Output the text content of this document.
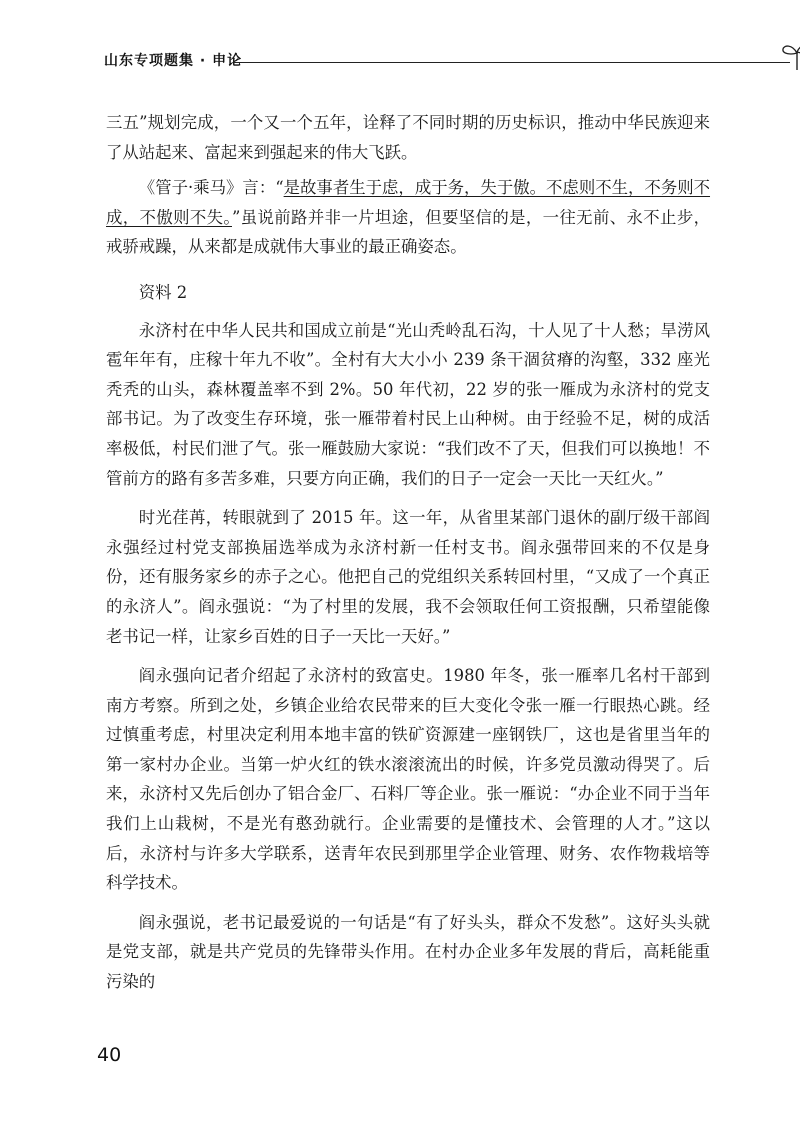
山东专项题集 · 申论

三五”规划完成，一个又一个五年，诠释了不同时期的历史标识，推动中华民族迎来了从站起来、富起来到强起来的伟大飞跃。

《管子·乘马》言：“是故事者生于虑，成于务，失于傲。不虑则不生，不务则不成，不傲则不失。”虽说前路并非一片坦途，但要坚信的是，一往无前、永不止步，戒骄戒躁，从来都是成就伟大事业的最正确姿态。

资料 2

永济村在中华人民共和国成立前是“光山秃岭乱石沟，十人见了十人愁；旱涝风雹年年有，庄稼十年九不收”。全村有大大小小 239 条干涸贫瘠的沟壑，332 座光秃秃的山头，森林覆盖率不到 2%。50 年代初，22 岁的张一雁成为永济村的党支部书记。为了改变生存环境，张一雁带着村民上山种树。由于经验不足，树的成活率极低，村民们泄了气。张一雁鼓励大家说：“我们改不了天，但我们可以换地！不管前方的路有多苦多难，只要方向正确，我们的日子一定会一天比一天红火。”

时光荏苒，转眼就到了 2015 年。这一年，从省里某部门退休的副厅级干部阎永强经过村党支部换届选举成为永济村新一任村支书。阎永强带回来的不仅是身份，还有服务家乡的赤子之心。他把自己的党组织关系转回村里，“又成了一个真正的永济人”。阎永强说：“为了村里的发展，我不会领取任何工资报酬，只希望能像老书记一样，让家乡百姓的日子一天比一天好。”

阎永强向记者介绍起了永济村的致富史。1980 年冬，张一雁率几名村干部到南方考察。所到之处，乡镇企业给农民带来的巨大变化令张一雁一行眼热心跳。经过慎重考虑，村里决定利用本地丰富的铁矿资源建一座钢铁厂，这也是省里当年的第一家村办企业。当第一炉火红的铁水滚滚流出的时候，许多党员激动得哭了。后来，永济村又先后创办了铝合金厂、石料厂等企业。张一雁说：“办企业不同于当年我们上山栽树，不是光有憨劲就行。企业需要的是懂技术、会管理的人才。”这以后，永济村与许多大学联系，送青年农民到那里学企业管理、财务、农作物栽培等科学技术。

阎永强说，老书记最爱说的一句话是“有了好头头，群众不发愁”。这好头头就是党支部，就是共产党员的先锋带头作用。在村办企业多年发展的背后，高耗能重污染的

40
